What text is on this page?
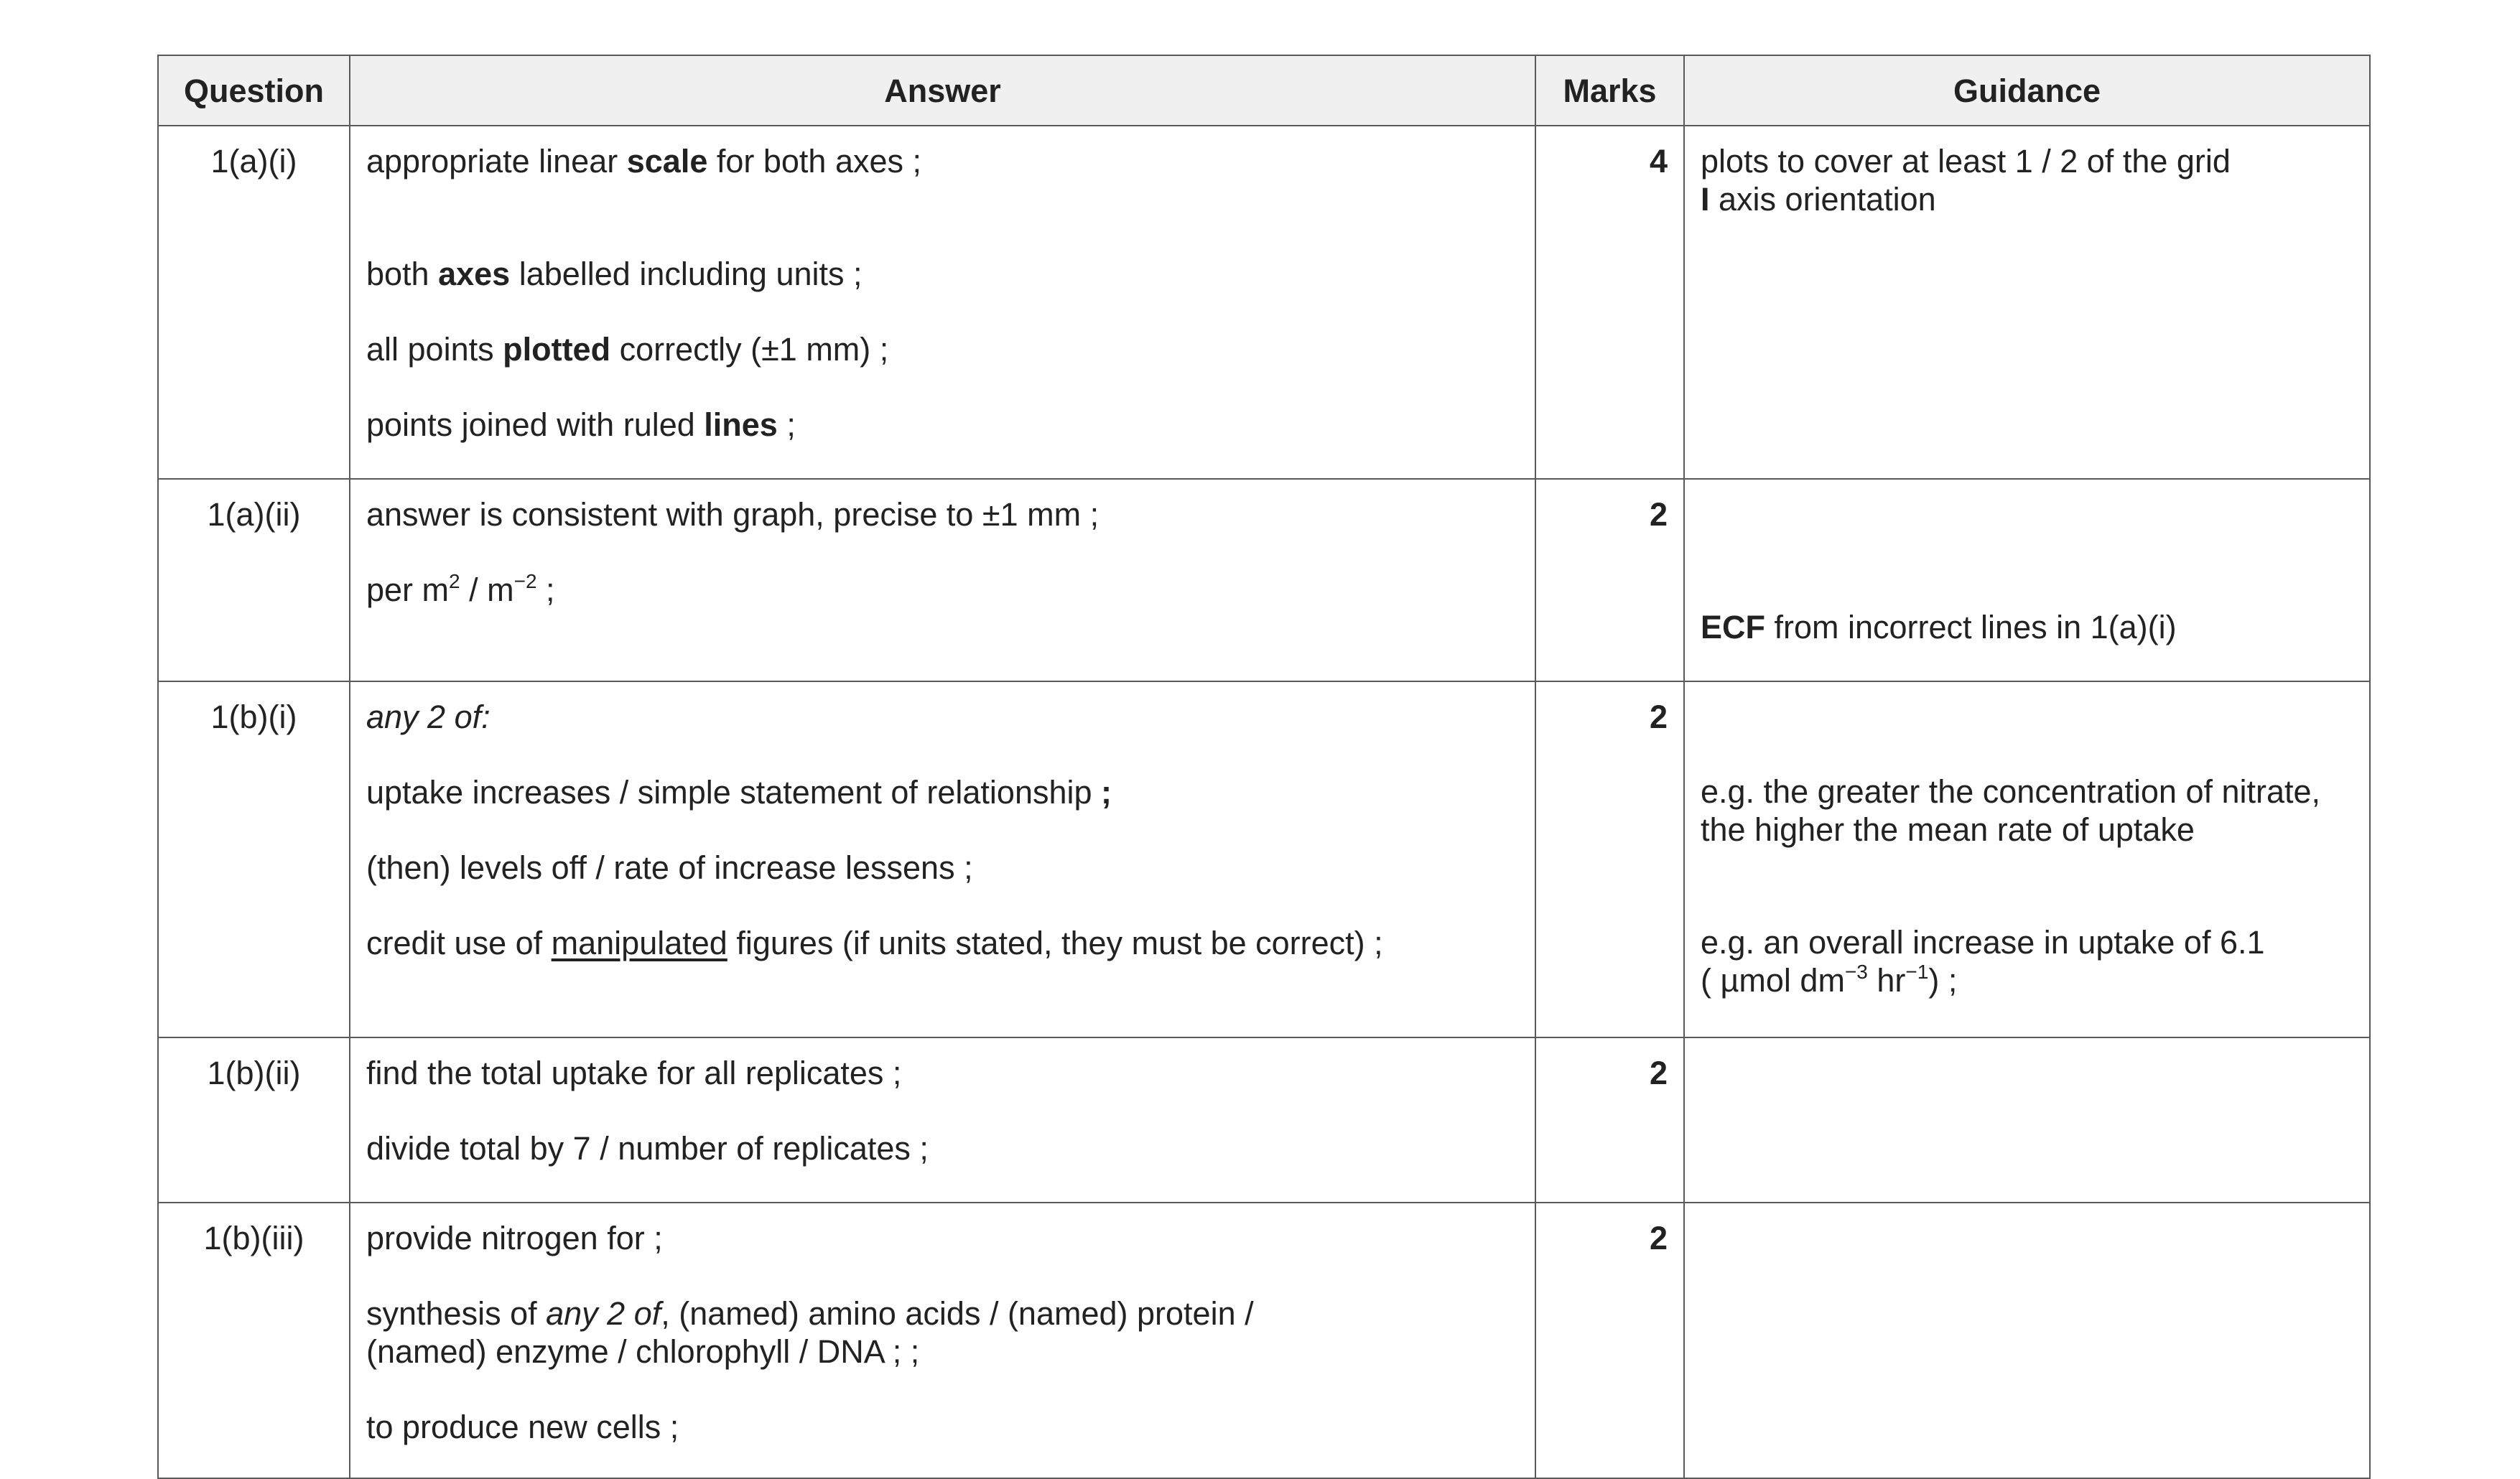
Question	Answer	Marks	Guidance
1(a)(i)	appropriate linear scale for both axes ;
both axes labelled including units ;
all points plotted correctly (±1 mm) ;
points joined with ruled lines ;	4	plots to cover at least 1 / 2 of the grid
I axis orientation

1(a)(ii)	answer is consistent with graph, precise to ±1 mm ;
per $m^2 / m^{-2}$ ;	2	ECF from incorrect lines in 1(a)(i)

1(b)(i)	any 2 of:
uptake increases / simple statement of relationship ;
(then) levels off / rate of increase lessens ;
credit use of manipulated figures (if units stated, they must be correct) ;	2	e.g. the greater the concentration of nitrate,
the higher the mean rate of uptake
e.g. an overall increase in uptake of 6.1
( µmol $dm^{-3}$ $hr^{-1}$) ;

1(b)(ii)	find the total uptake for all replicates ;
divide total by 7 / number of replicates ;	2	
1(b)(iii)	provide nitrogen for ;
synthesis of any 2 of, (named) amino acids / (named) protein /
(named) enzyme / chlorophyll / DNA ; ;
to produce new cells ;	2	
